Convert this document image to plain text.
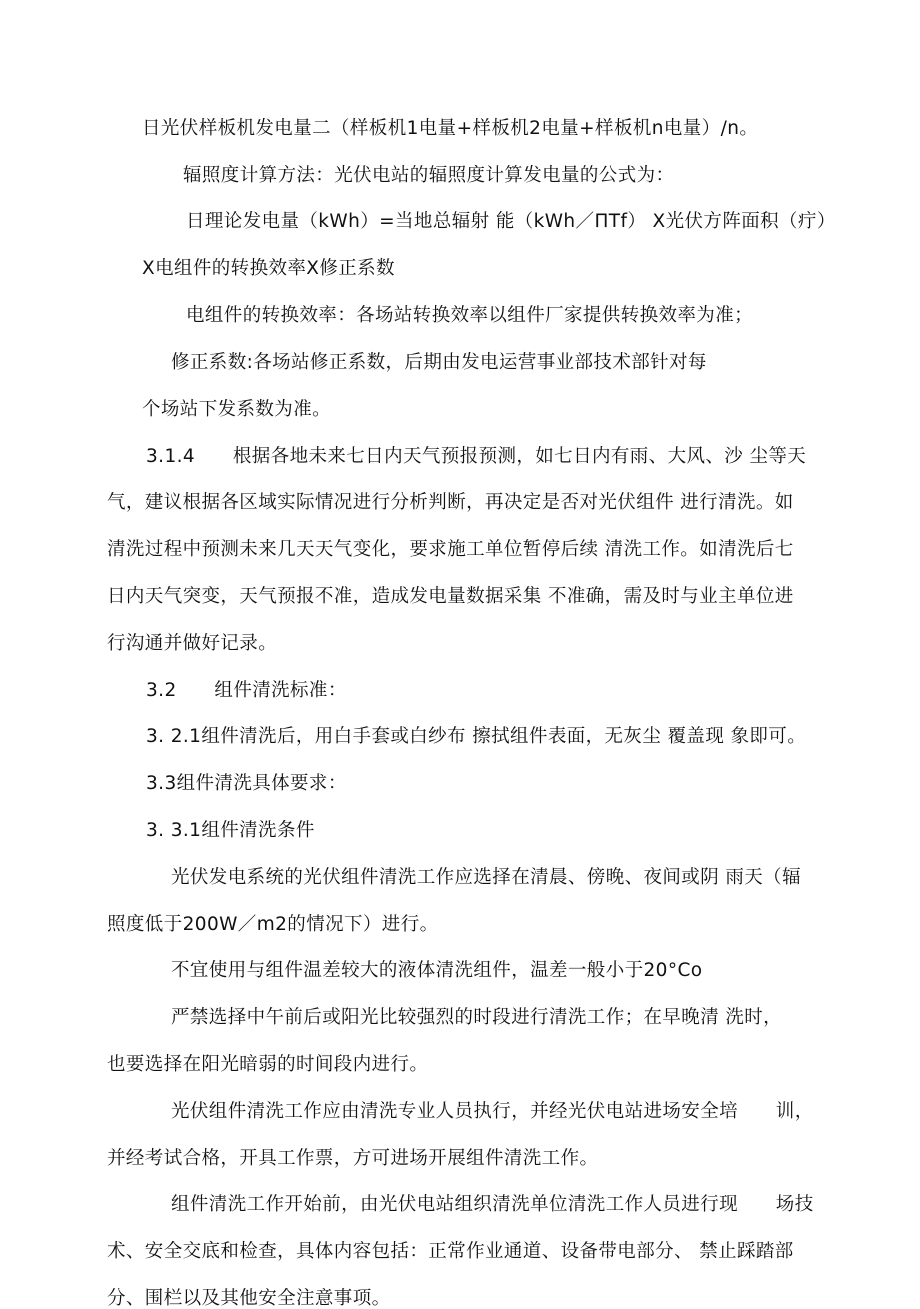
日光伏样板机发电量二（样板机1电量+样板机2电量+样板机n电量）/n。

辐照度计算方法：光伏电站的辐照度计算发电量的公式为：

日理论发电量（kWh）=当地总辐射 能（kWh／ΠTf） X光伏方阵面积（疔）

X电组件的转换效率X修正系数

电组件的转换效率：各场站转换效率以组件厂家提供转换效率为准；

修正系数:各场站修正系数，后期由发电运营事业部技术部针对每

个场站下发系数为准。

3.1.4　　根据各地未来七日内天气预报预测，如七日内有雨、大风、沙 尘等天

气，建议根据各区域实际情况进行分析判断，再决定是否对光伏组件 进行清洗。如

清洗过程中预测未来几天天气变化，要求施工单位暂停后续 清洗工作。如清洗后七

日内天气突变，天气预报不准，造成发电量数据采集 不准确，需及时与业主单位进

行沟通并做好记录。

3.2　　组件清洗标准：

3. 2.1组件清洗后，用白手套或白纱布 擦拭组件表面，无灰尘 覆盖现 象即可。

3.3组件清洗具体要求：

3. 3.1组件清洗条件

光伏发电系统的光伏组件清洗工作应选择在清晨、傍晚、夜间或阴 雨天（辐

照度低于200W／m2的情况下）进行。

不宜使用与组件温差较大的液体清洗组件，温差一般小于20°Co

严禁选择中午前后或阳光比较强烈的时段进行清洗工作；在早晚清 洗时，

也要选择在阳光暗弱的时间段内进行。

光伏组件清洗工作应由清洗专业人员执行，并经光伏电站进场安全培　　训，

并经考试合格，开具工作票，方可进场开展组件清洗工作。

组件清洗工作开始前，由光伏电站组织清洗单位清洗工作人员进行现　　场技

术、安全交底和检查，具体内容包括：正常作业通道、设备带电部分、 禁止踩踏部

分、围栏以及其他安全注意事项。
